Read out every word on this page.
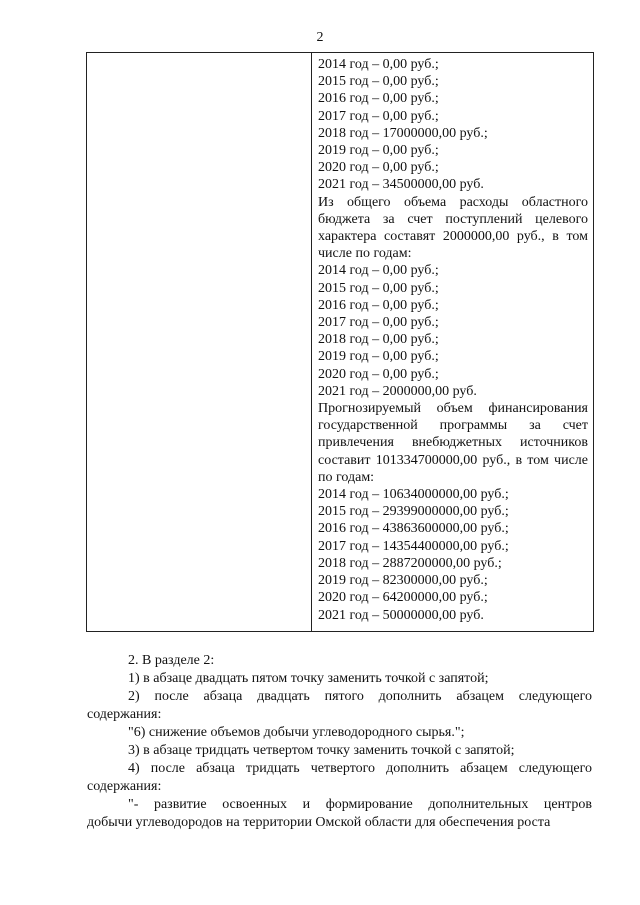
2
2014 год – 0,00 руб.;
2015 год – 0,00 руб.;
2016 год – 0,00 руб.;
2017 год – 0,00 руб.;
2018 год – 17000000,00 руб.;
2019 год – 0,00 руб.;
2020 год – 0,00 руб.;
2021 год – 34500000,00 руб.
Из общего объема расходы областного бюджета за счет поступлений целевого характера составят 2000000,00 руб., в том числе по годам:
2014 год – 0,00 руб.;
2015 год – 0,00 руб.;
2016 год – 0,00 руб.;
2017 год – 0,00 руб.;
2018 год – 0,00 руб.;
2019 год – 0,00 руб.;
2020 год – 0,00 руб.;
2021 год – 2000000,00 руб.
Прогнозируемый объем финансирования государственной программы за счет привлечения внебюджетных источников составит 101334700000,00 руб., в том числе по годам:
2014 год – 10634000000,00 руб.;
2015 год – 29399000000,00 руб.;
2016 год – 43863600000,00 руб.;
2017 год – 14354400000,00 руб.;
2018 год – 2887200000,00 руб.;
2019 год – 82300000,00 руб.;
2020 год – 64200000,00 руб.;
2021 год – 50000000,00 руб.
2. В разделе 2:
1) в абзаце двадцать пятом точку заменить точкой с запятой;
2) после абзаца двадцать пятого дополнить абзацем следующего
содержания:
"6) снижение объемов добычи углеводородного сырья.";
3) в абзаце тридцать четвертом точку заменить точкой с запятой;
4) после абзаца тридцать четвертого дополнить абзацем следующего
содержания:
"- развитие освоенных и формирование дополнительных центров
добычи углеводородов на территории Омской области для обеспечения роста
